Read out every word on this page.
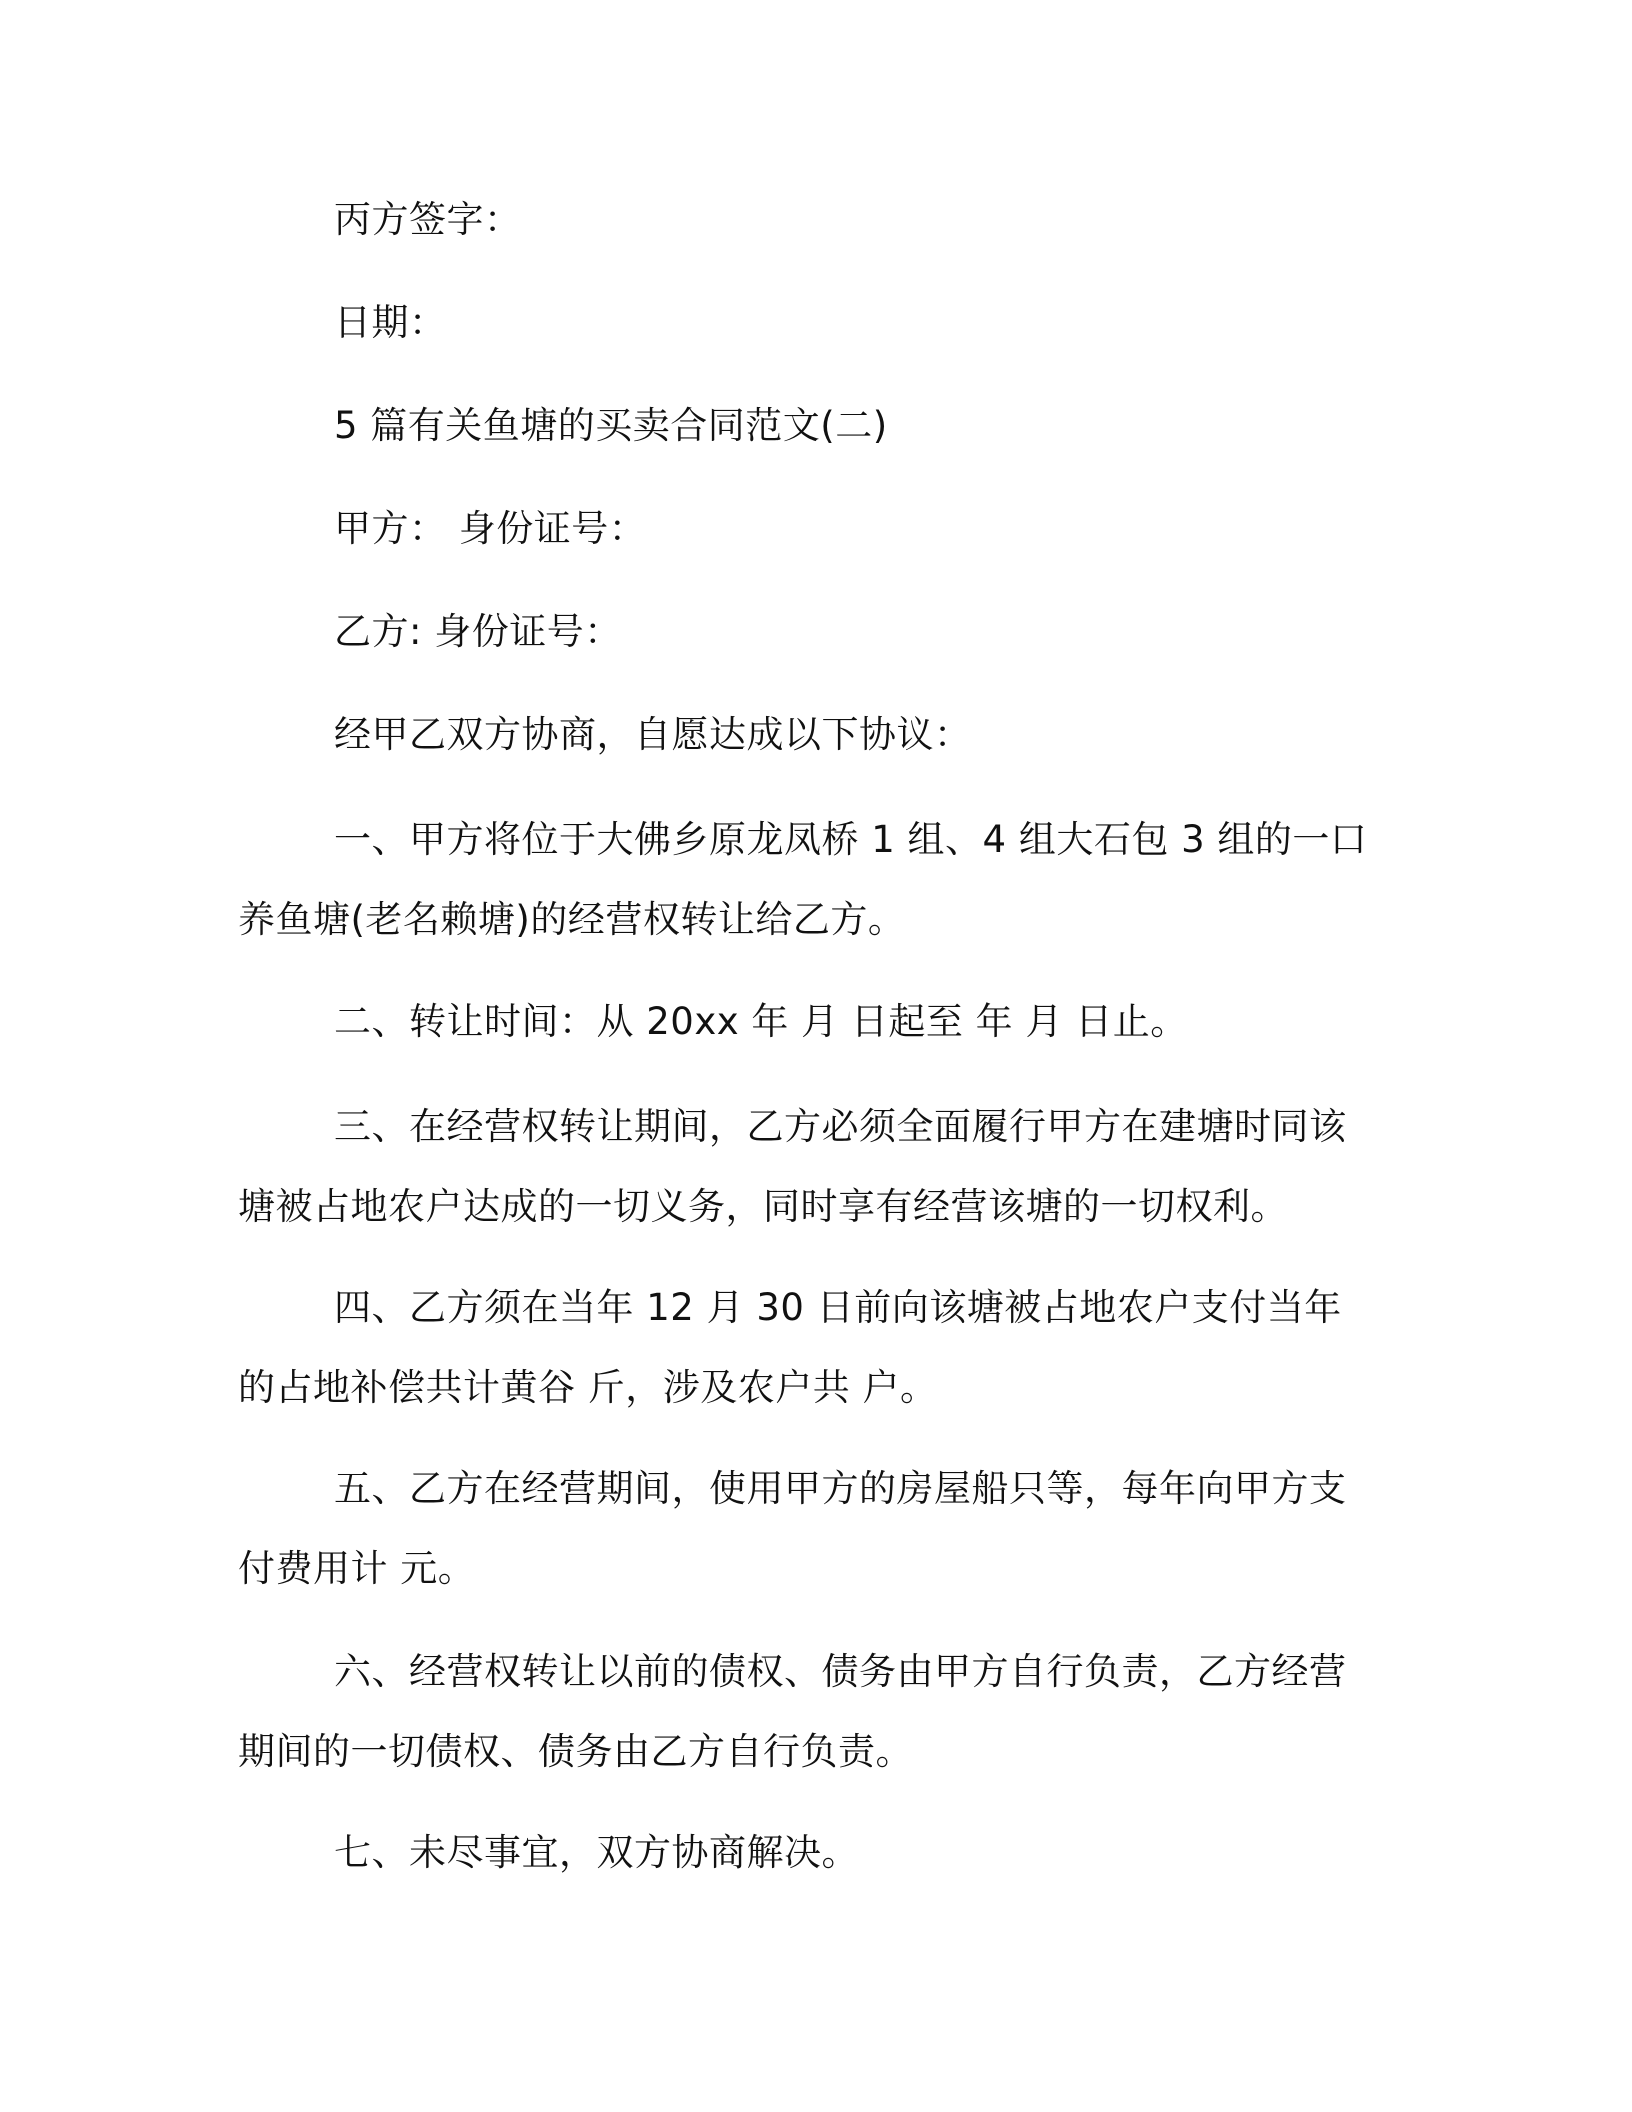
丙方签字：

日期：

5 篇有关鱼塘的买卖合同范文(二)

甲方： 身份证号：

乙方: 身份证号：

经甲乙双方协商，自愿达成以下协议：

一、甲方将位于大佛乡原龙凤桥 1 组、4 组大石包 3 组的一口养鱼塘(老名赖塘)的经营权转让给乙方。

二、转让时间：从 20xx 年 月 日起至 年 月 日止。

三、在经营权转让期间，乙方必须全面履行甲方在建塘时同该塘被占地农户达成的一切义务，同时享有经营该塘的一切权利。

四、乙方须在当年 12 月 30 日前向该塘被占地农户支付当年的占地补偿共计黄谷 斤，涉及农户共 户。

五、乙方在经营期间，使用甲方的房屋船只等，每年向甲方支付费用计 元。

六、经营权转让以前的债权、债务由甲方自行负责，乙方经营期间的一切债权、债务由乙方自行负责。

七、未尽事宜，双方协商解决。
